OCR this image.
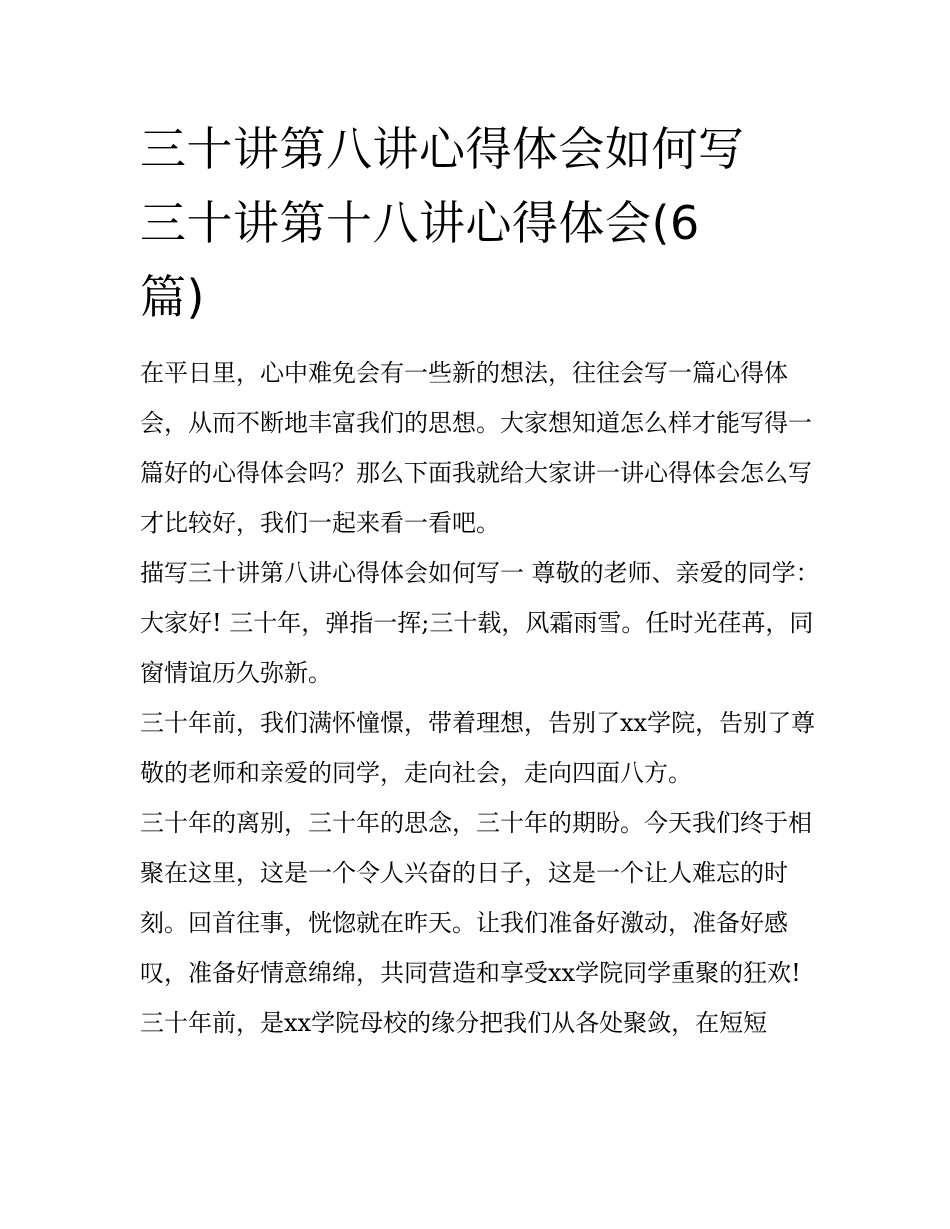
三十讲第八讲心得体会如何写
三十讲第十八讲心得体会(6
篇)

在平日里，心中难免会有一些新的想法，往往会写一篇心得体会，从而不断地丰富我们的思想。大家想知道怎么样才能写得一篇好的心得体会吗？那么下面我就给大家讲一讲心得体会怎么写才比较好，我们一起来看一看吧。

描写三十讲第八讲心得体会如何写一 尊敬的老师、亲爱的同学： 大家好! 三十年，弹指一挥;三十载，风霜雨雪。任时光荏苒，同窗情谊历久弥新。

三十年前，我们满怀憧憬，带着理想，告别了xx学院，告别了尊敬的老师和亲爱的同学，走向社会，走向四面八方。

三十年的离别，三十年的思念，三十年的期盼。今天我们终于相聚在这里，这是一个令人兴奋的日子，这是一个让人难忘的时刻。回首往事，恍惚就在昨天。让我们准备好激动，准备好感叹，准备好情意绵绵，共同营造和享受xx学院同学重聚的狂欢!

三十年前，是xx学院母校的缘分把我们从各处聚敛，在短短
